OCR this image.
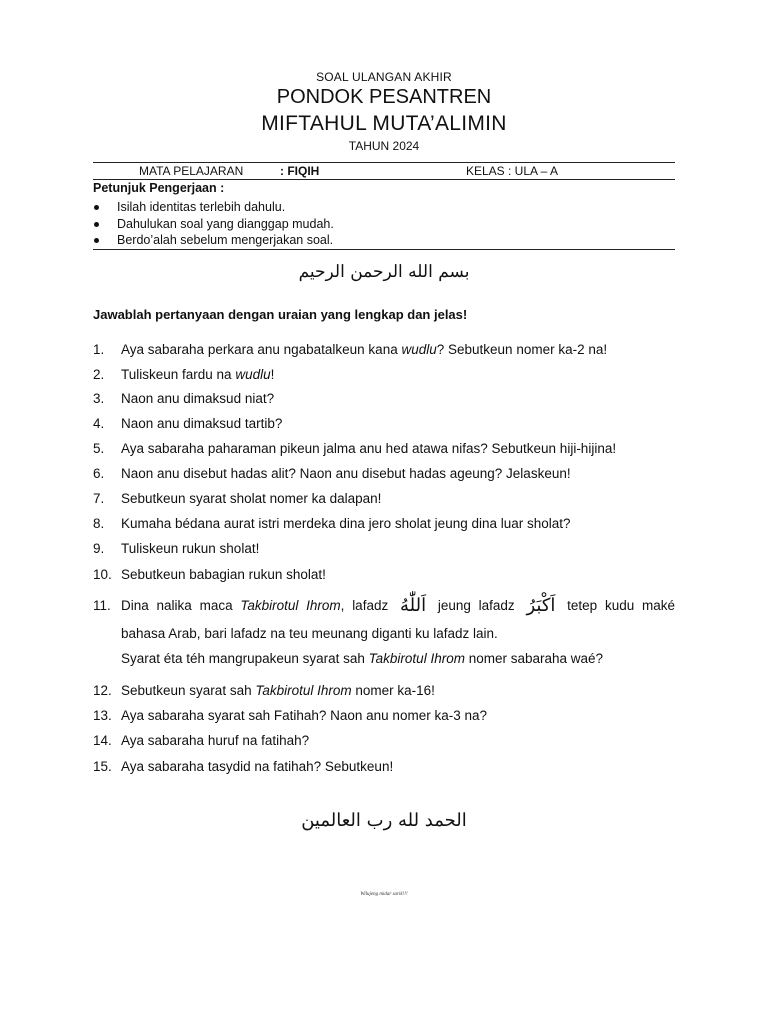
SOAL ULANGAN AKHIR
PONDOK PESANTREN
MIFTAHUL MUTA’ALIMIN
TAHUN 2024
MATA PELAJARAN	: FIQIH	KELAS : ULA – A
Petunjuk Pengerjaan :
Isilah identitas terlebih dahulu.
Dahulukan soal yang dianggap mudah.
Berdo’alah sebelum mengerjakan soal.
بسم الله الرحمن الرحيم
Jawablah pertanyaan dengan uraian yang lengkap dan jelas!
1. Aya sabaraha perkara anu ngabatalkeun kana wudlu? Sebutkeun nomer ka-2 na!
2. Tuliskeun fardu na wudlu!
3. Naon anu dimaksud niat?
4. Naon anu dimaksud tartib?
5. Aya sabaraha paharaman pikeun jalma anu hed atawa nifas? Sebutkeun hiji-hijina!
6. Naon anu disebut hadas alit? Naon anu disebut hadas ageung? Jelaskeun!
7. Sebutkeun syarat sholat nomer ka dalapan!
8. Kumaha bédana aurat istri merdeka dina jero sholat jeung dina luar sholat?
9. Tuliskeun rukun sholat!
10. Sebutkeun babagian rukun sholat!
11. Dina nalika maca Takbirotul Ihrom, lafadz اَللّٰهُ jeung lafadz اَكْبَرُ tetep kudu maké
bahasa Arab, bari lafadz na teu meunang diganti ku lafadz lain.
Syarat éta téh mangrupakeun syarat sah Takbirotul Ihrom nomer sabaraha waé?
12. Sebutkeun syarat sah Takbirotul Ihrom nomer ka-16!
13. Aya sabaraha syarat sah Fatihah? Naon anu nomer ka-3 na?
14. Aya sabaraha huruf na fatihah?
15. Aya sabaraha tasydid na fatihah? Sebutkeun!
الحمد لله رب العالمين
Wilujeng midar sarik!!!
